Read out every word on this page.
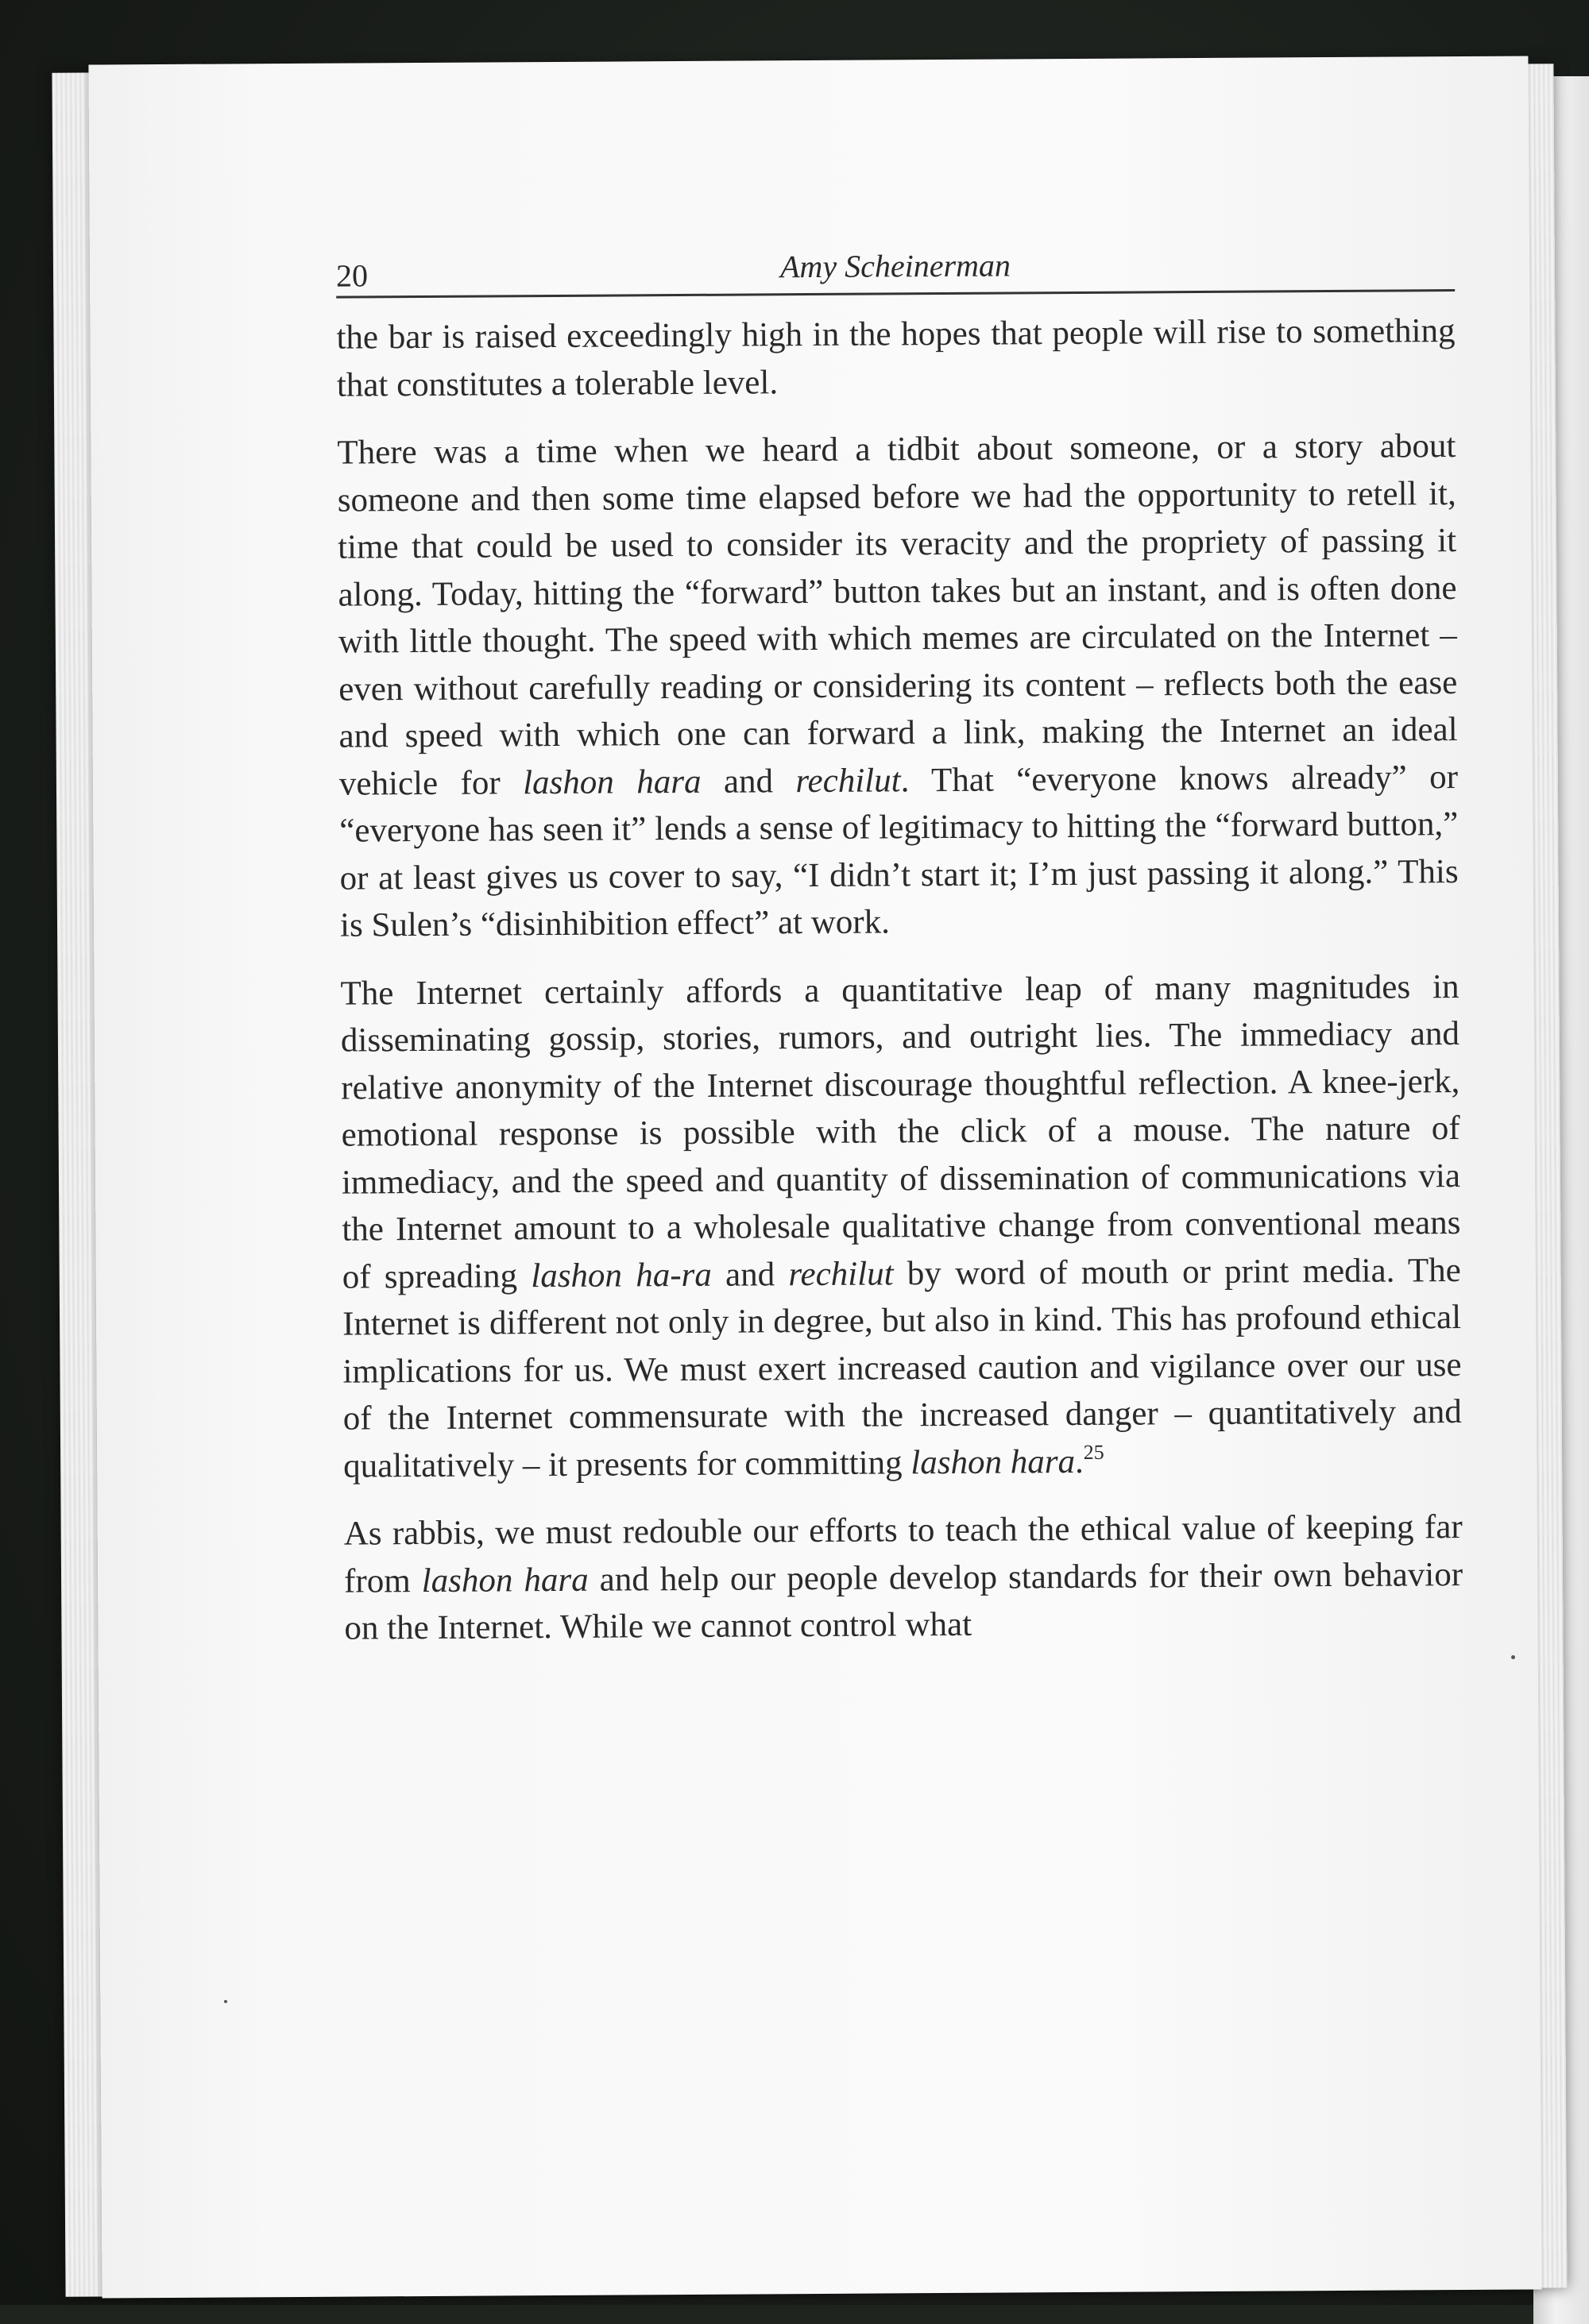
20	Amy Scheinerman

the bar is raised exceedingly high in the hopes that people will rise to something that constitutes a tolerable level.

There was a time when we heard a tidbit about someone, or a story about someone and then some time elapsed before we had the opportunity to retell it, time that could be used to consider its veracity and the propriety of passing it along. Today, hitting the “forward” button takes but an instant, and is often done with little thought. The speed with which memes are circulated on the Internet – even without carefully reading or considering its content – reflects both the ease and speed with which one can forward a link, making the Internet an ideal vehicle for lashon hara and rechilut. That “everyone knows already” or “everyone has seen it” lends a sense of legitimacy to hitting the “forward button,” or at least gives us cover to say, “I didn’t start it; I’m just passing it along.” This is Sulen’s “disinhibition effect” at work.

The Internet certainly affords a quantitative leap of many magnitudes in disseminating gossip, stories, rumors, and outright lies. The immediacy and relative anonymity of the Internet discourage thoughtful reflection. A knee-jerk, emotional response is possible with the click of a mouse. The nature of immediacy, and the speed and quantity of dissemination of communications via the Internet amount to a wholesale qualitative change from conventional means of spreading lashon ha-ra and rechilut by word of mouth or print media. The Internet is different not only in degree, but also in kind. This has profound ethical implications for us. We must exert increased caution and vigilance over our use of the Internet commensurate with the increased danger – quantitatively and qualitatively – it presents for committing lashon hara.$^{25}$

As rabbis, we must redouble our efforts to teach the ethical value of keeping far from lashon hara and help our people develop standards for their own behavior on the Internet. While we cannot control what
